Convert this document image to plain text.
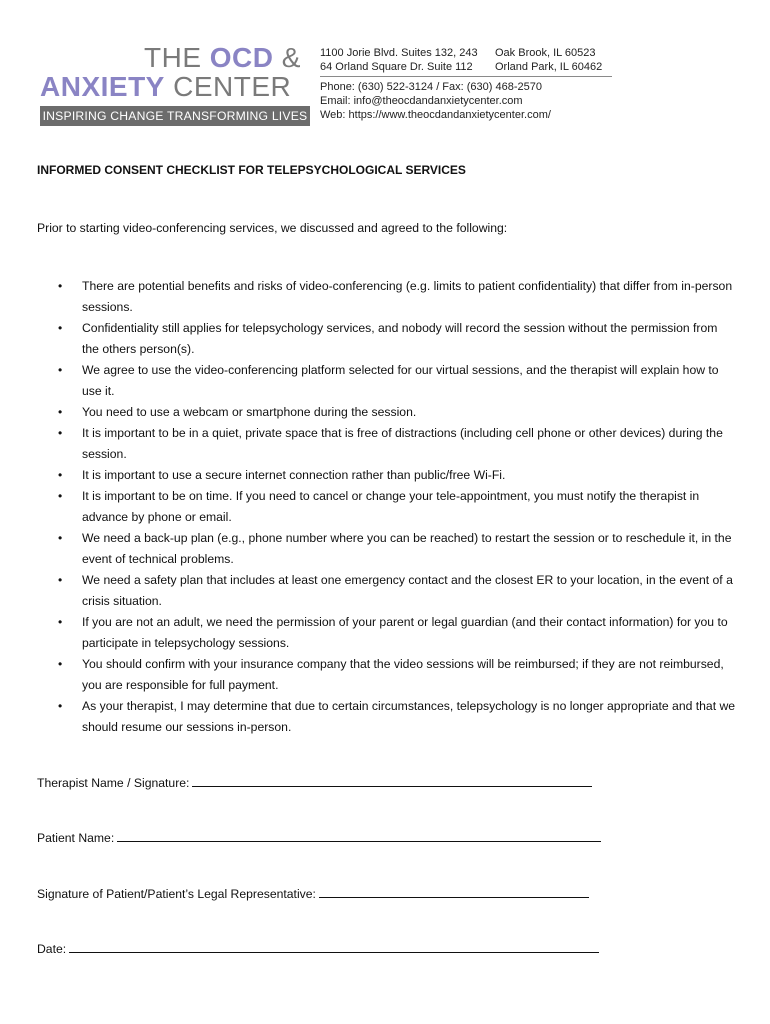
THE OCD &
ANXIETY CENTER
INSPIRING CHANGE TRANSFORMING LIVES
1100 Jorie Blvd. Suites 132, 243 Oak Brook, IL 60523
64 Orland Square Dr. Suite 112 Orland Park, IL 60462
Phone: (630) 522-3124 / Fax: (630) 468-2570
Email: info@theocdandanxietycenter.com
Web: https://www.theocdandanxietycenter.com/
INFORMED CONSENT CHECKLIST FOR TELEPSYCHOLOGICAL SERVICES
Prior to starting video-conferencing services, we discussed and agreed to the following:
• There are potential benefits and risks of video-conferencing (e.g. limits to patient confidentiality) that differ from in-person sessions.
• Confidentiality still applies for telepsychology services, and nobody will record the session without the permission from the others person(s).
• We agree to use the video-conferencing platform selected for our virtual sessions, and the therapist will explain how to use it.
• You need to use a webcam or smartphone during the session.
• It is important to be in a quiet, private space that is free of distractions (including cell phone or other devices) during the session.
• It is important to use a secure internet connection rather than public/free Wi-Fi.
• It is important to be on time. If you need to cancel or change your tele-appointment, you must notify the therapist in advance by phone or email.
• We need a back-up plan (e.g., phone number where you can be reached) to restart the session or to reschedule it, in the event of technical problems.
• We need a safety plan that includes at least one emergency contact and the closest ER to your location, in the event of a crisis situation.
• If you are not an adult, we need the permission of your parent or legal guardian (and their contact information) for you to participate in telepsychology sessions.
• You should confirm with your insurance company that the video sessions will be reimbursed; if they are not reimbursed, you are responsible for full payment.
• As your therapist, I may determine that due to certain circumstances, telepsychology is no longer appropriate and that we should resume our sessions in-person.
Therapist Name / Signature:
Patient Name:
Signature of Patient/Patient’s Legal Representative:
Date:
